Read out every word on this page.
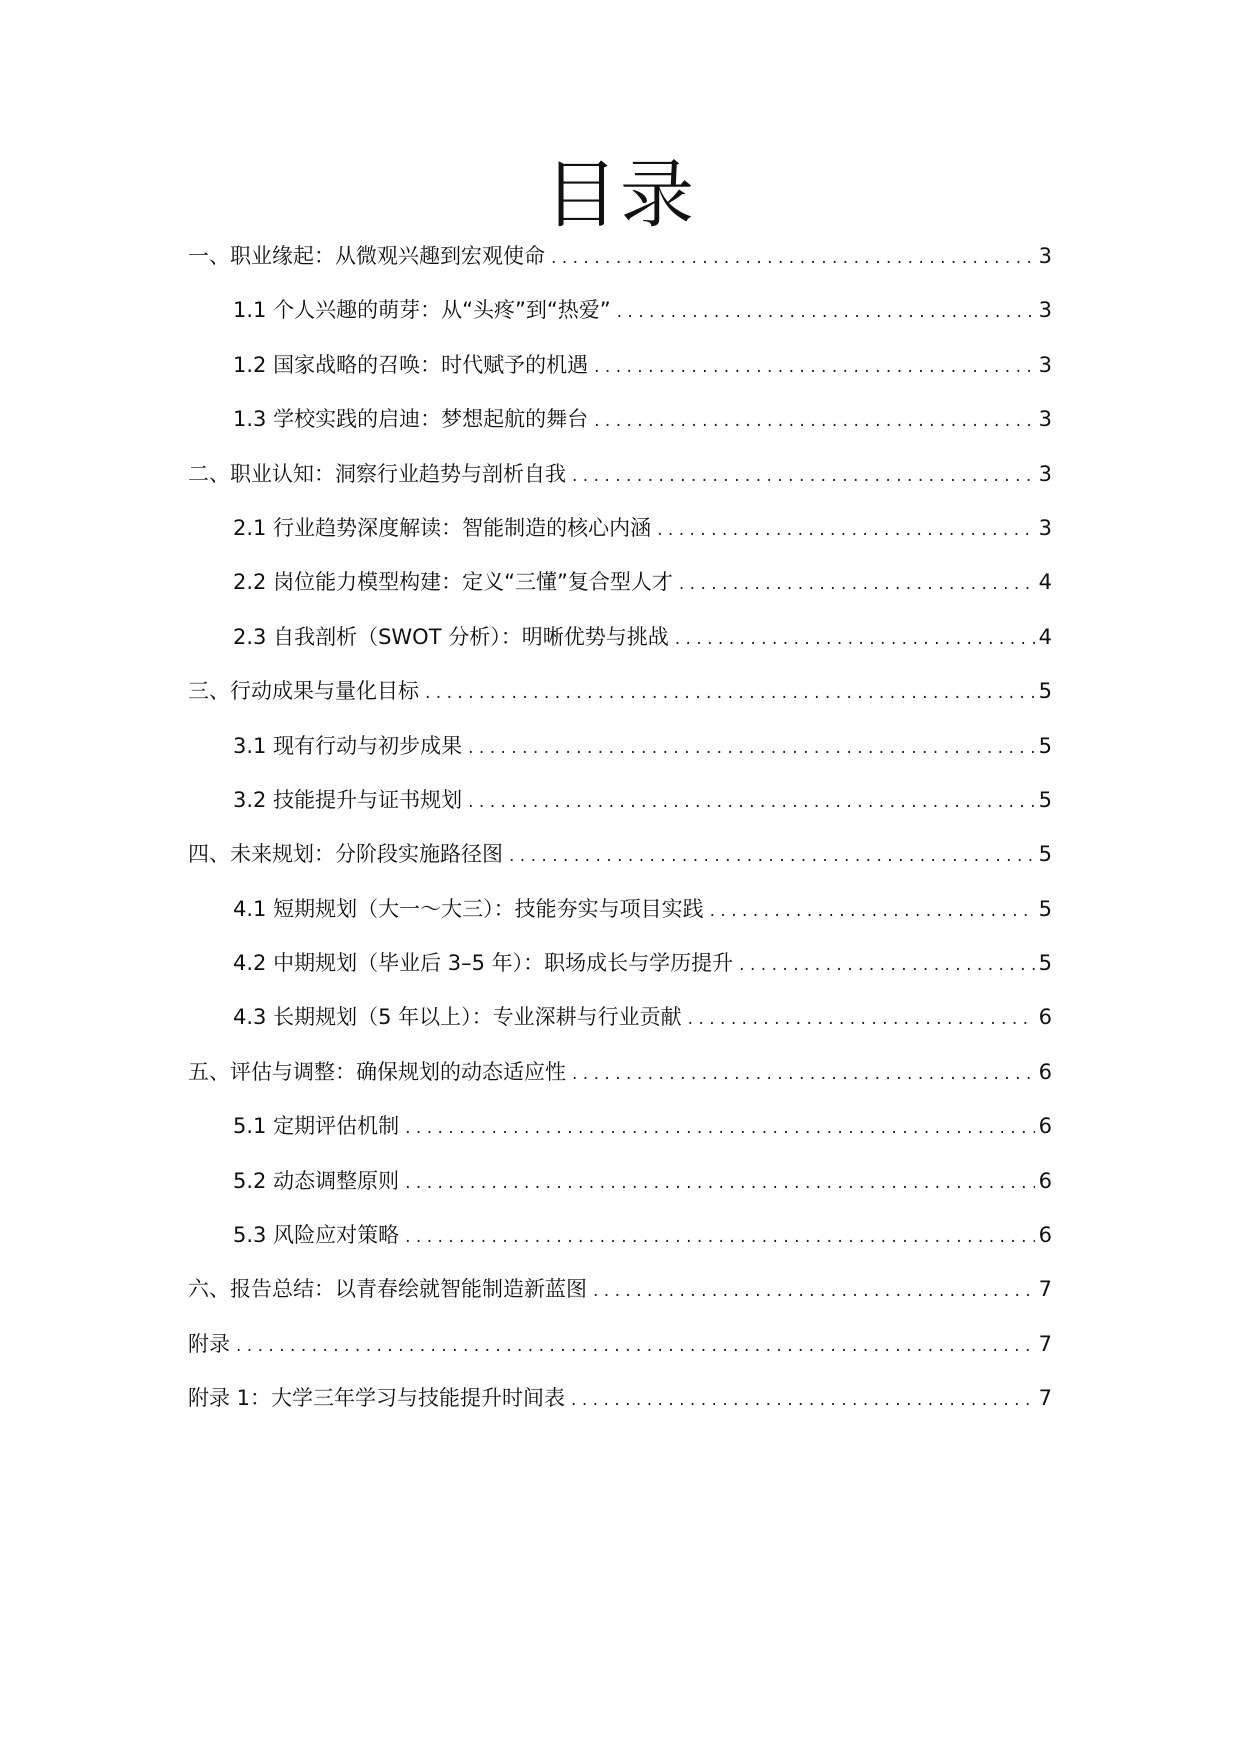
目录
一、职业缘起：从微观兴趣到宏观使命 . . .	3
1.1 个人兴趣的萌芽：从“头疼”到“热爱” . . .	3
1.2 国家战略的召唤：时代赋予的机遇 . . .	3
1.3 学校实践的启迪：梦想起航的舞台 . . .	3
二、职业认知：洞察行业趋势与剖析自我 . . .	3
2.1 行业趋势深度解读：智能制造的核心内涵 . . .	3
2.2 岗位能力模型构建：定义“三懂”复合型人才 . . .	4
2.3 自我剖析（SWOT 分析）：明晰优势与挑战 . . .	4
三、行动成果与量化目标 . . .	5
3.1 现有行动与初步成果 . . .	5
3.2 技能提升与证书规划 . . .	5
四、未来规划：分阶段实施路径图 . . .	5
4.1 短期规划（大一～大三）：技能夯实与项目实践 . . .	5
4.2 中期规划（毕业后 3–5 年）：职场成长与学历提升 . . .	5
4.3 长期规划（5 年以上）：专业深耕与行业贡献 . . .	6
五、评估与调整：确保规划的动态适应性 . . .	6
5.1 定期评估机制 . . .	6
5.2 动态调整原则 . . .	6
5.3 风险应对策略 . . .	6
六、报告总结：以青春绘就智能制造新蓝图 . . .	7
附录 . . .	7
附录 1：大学三年学习与技能提升时间表 . . .	7
